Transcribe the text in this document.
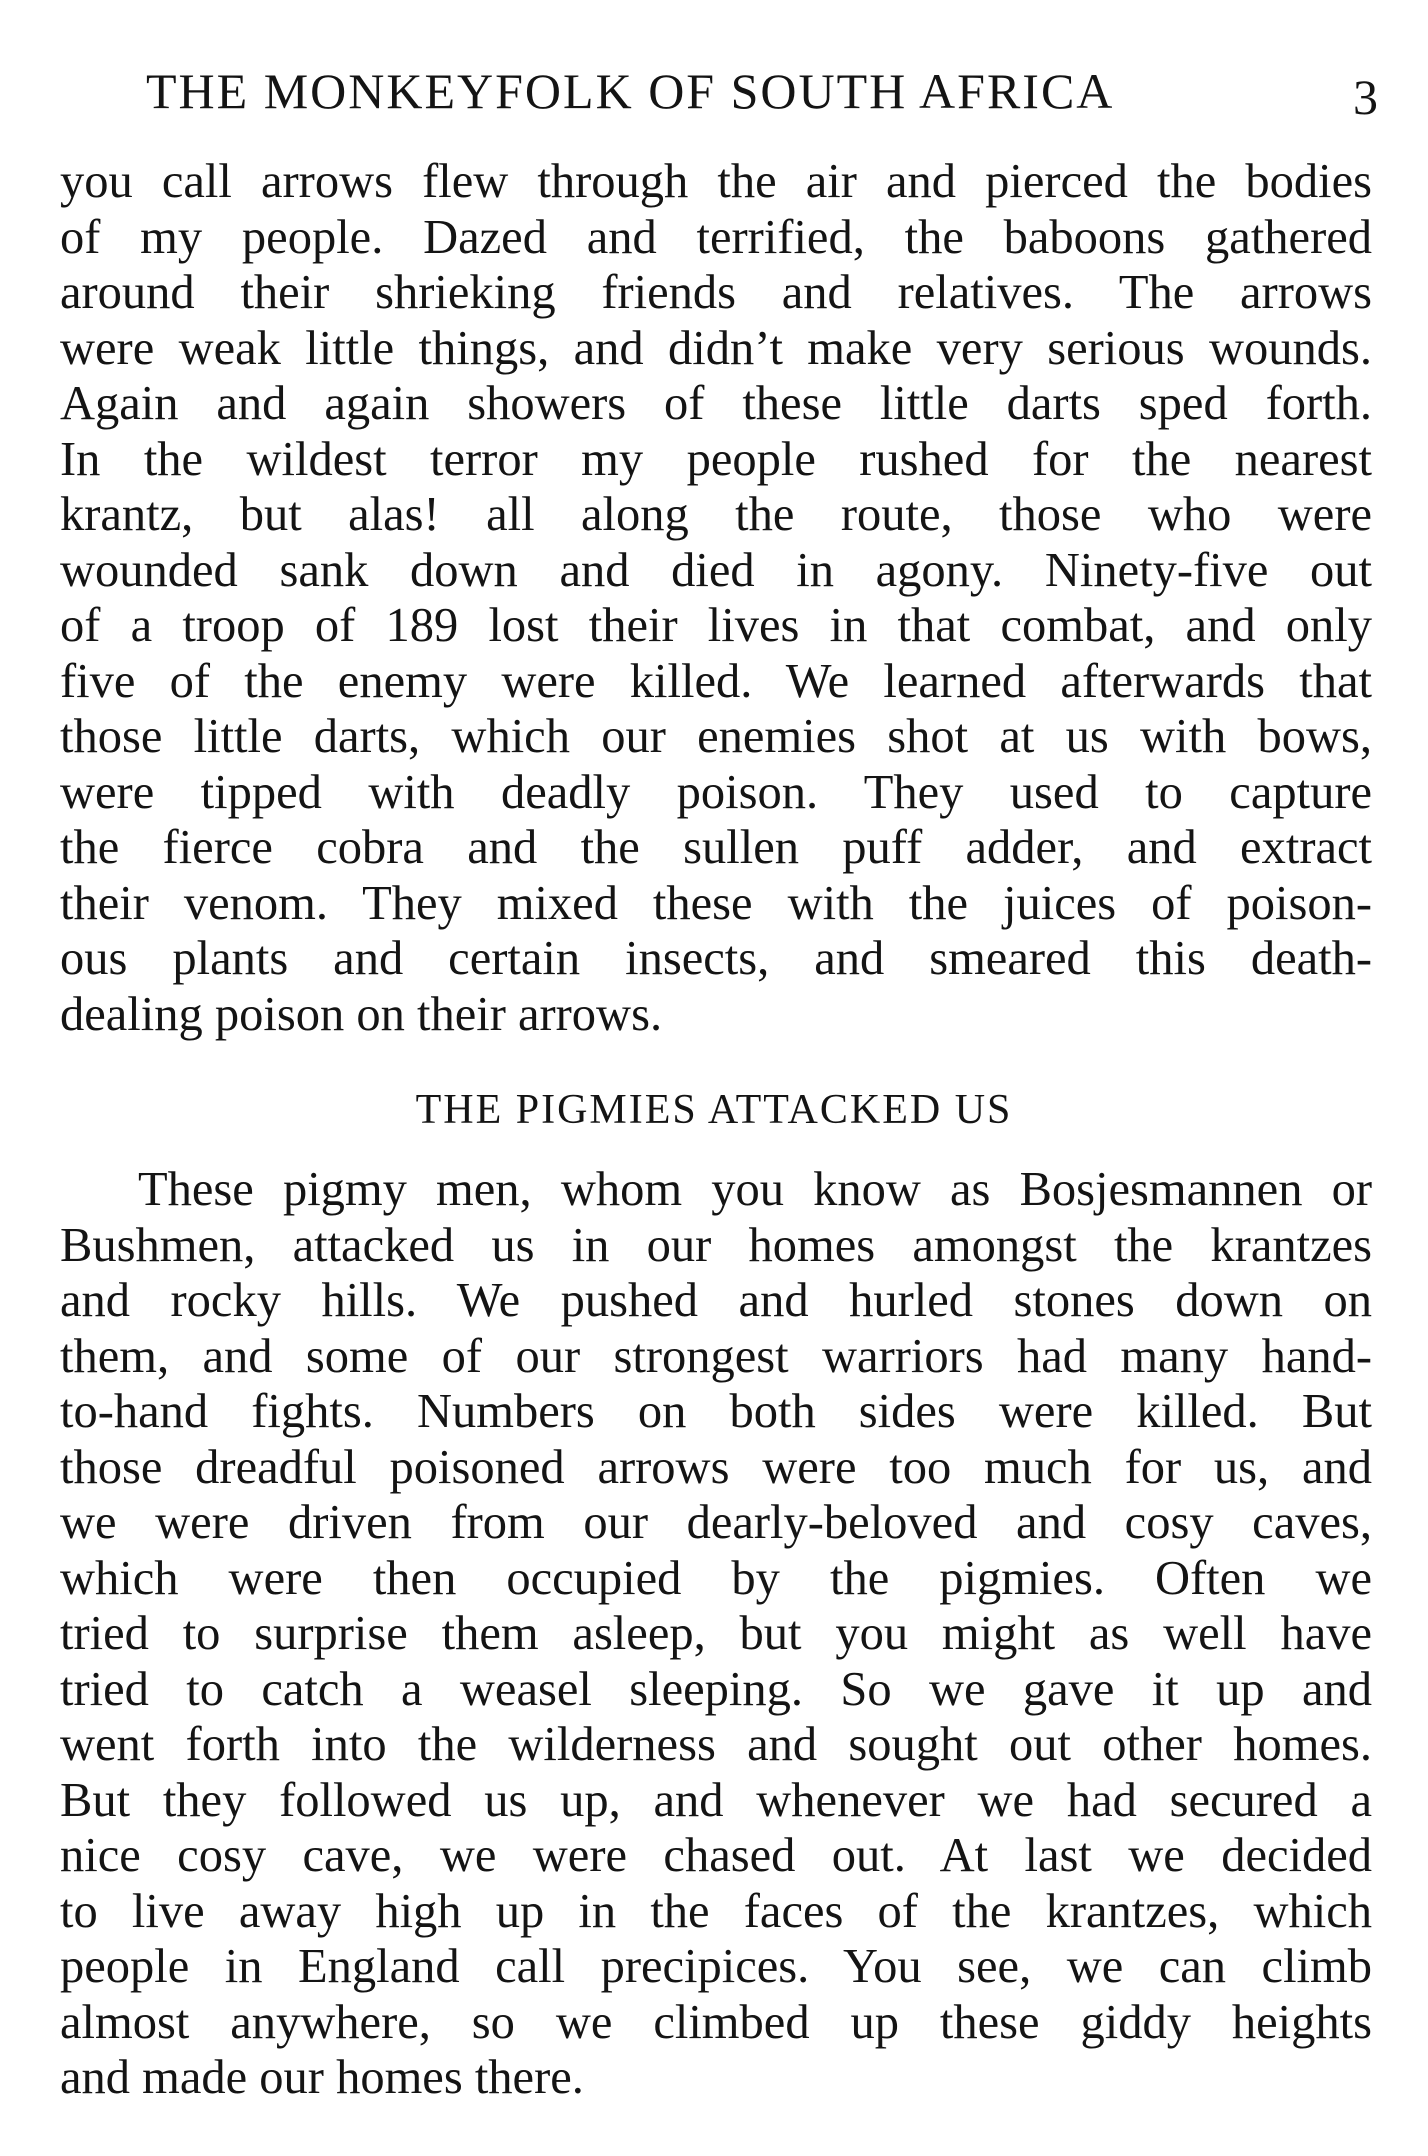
THE MONKEYFOLK OF SOUTH AFRICA	3
you call arrows flew through the air and pierced the bodies
of my people. Dazed and terrified, the baboons gathered
around their shrieking friends and relatives. The arrows
were weak little things, and didn’t make very serious wounds.
Again and again showers of these little darts sped forth.
In the wildest terror my people rushed for the nearest
krantz, but alas! all along the route, those who were
wounded sank down and died in agony. Ninety-five out
of a troop of 189 lost their lives in that combat, and only
five of the enemy were killed. We learned afterwards that
those little darts, which our enemies shot at us with bows,
were tipped with deadly poison. They used to capture
the fierce cobra and the sullen puff adder, and extract
their venom. They mixed these with the juices of poison-
ous plants and certain insects, and smeared this death-
dealing poison on their arrows.
THE PIGMIES ATTACKED US
These pigmy men, whom you know as Bosjesmannen or
Bushmen, attacked us in our homes amongst the krantzes
and rocky hills. We pushed and hurled stones down on
them, and some of our strongest warriors had many hand-
to-hand fights. Numbers on both sides were killed. But
those dreadful poisoned arrows were too much for us, and
we were driven from our dearly-beloved and cosy caves,
which were then occupied by the pigmies. Often we
tried to surprise them asleep, but you might as well have
tried to catch a weasel sleeping. So we gave it up and
went forth into the wilderness and sought out other homes.
But they followed us up, and whenever we had secured a
nice cosy cave, we were chased out. At last we decided
to live away high up in the faces of the krantzes, which
people in England call precipices. You see, we can climb
almost anywhere, so we climbed up these giddy heights
and made our homes there.
